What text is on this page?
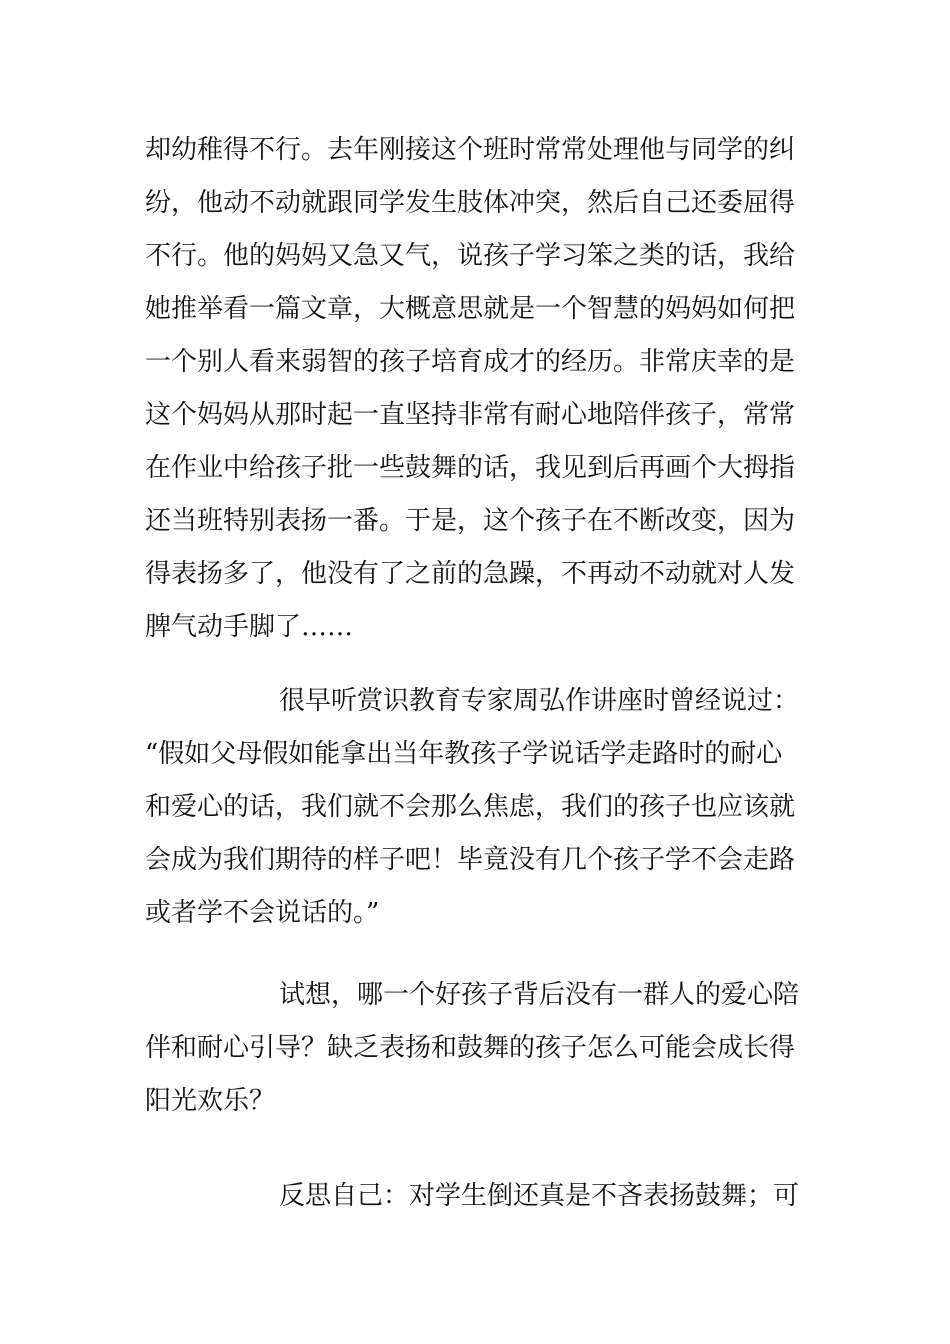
却幼稚得不行。去年刚接这个班时常常处理他与同学的纠
纷，他动不动就跟同学发生肢体冲突，然后自己还委屈得
不行。他的妈妈又急又气，说孩子学习笨之类的话，我给
她推举看一篇文章，大概意思就是一个智慧的妈妈如何把
一个别人看来弱智的孩子培育成才的经历。非常庆幸的是
这个妈妈从那时起一直坚持非常有耐心地陪伴孩子，常常
在作业中给孩子批一些鼓舞的话，我见到后再画个大拇指
还当班特别表扬一番。于是，这个孩子在不断改变，因为
得表扬多了，他没有了之前的急躁，不再动不动就对人发
脾气动手脚了……
很早听赏识教育专家周弘作讲座时曾经说过：
“假如父母假如能拿出当年教孩子学说话学走路时的耐心
和爱心的话，我们就不会那么焦虑，我们的孩子也应该就
会成为我们期待的样子吧！毕竟没有几个孩子学不会走路
或者学不会说话的。”
试想，哪一个好孩子背后没有一群人的爱心陪
伴和耐心引导？缺乏表扬和鼓舞的孩子怎么可能会成长得
阳光欢乐？
反思自己：对学生倒还真是不吝表扬鼓舞；可
